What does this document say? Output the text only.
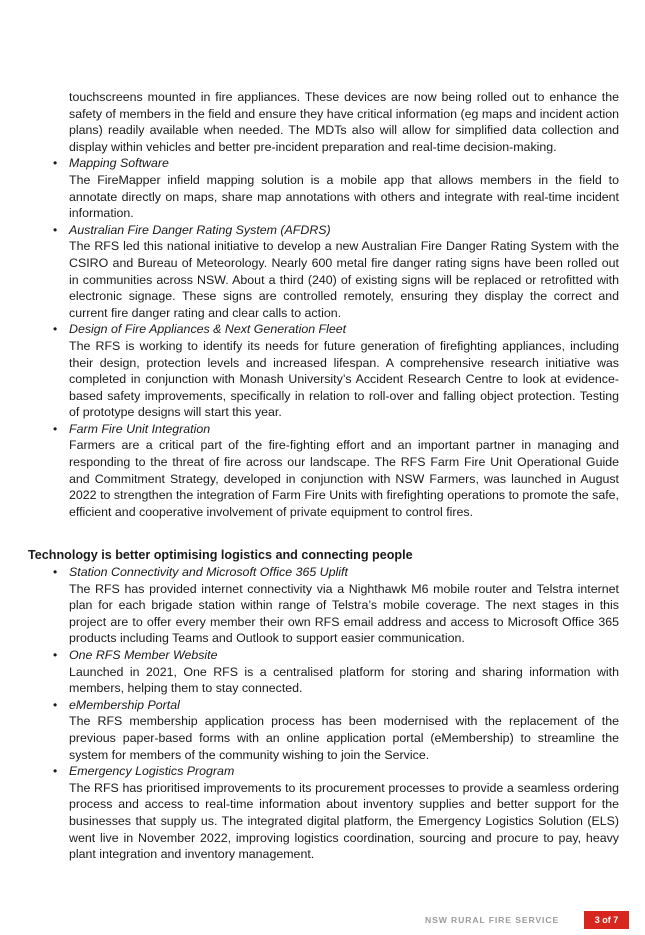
touchscreens mounted in fire appliances. These devices are now being rolled out to enhance the safety of members in the field and ensure they have critical information (eg maps and incident action plans) readily available when needed. The MDTs also will allow for simplified data collection and display within vehicles and better pre-incident preparation and real-time decision-making.

• Mapping Software

The FireMapper infield mapping solution is a mobile app that allows members in the field to annotate directly on maps, share map annotations with others and integrate with real-time incident information.

• Australian Fire Danger Rating System (AFDRS)

The RFS led this national initiative to develop a new Australian Fire Danger Rating System with the CSIRO and Bureau of Meteorology. Nearly 600 metal fire danger rating signs have been rolled out in communities across NSW. About a third (240) of existing signs will be replaced or retrofitted with electronic signage. These signs are controlled remotely, ensuring they display the correct and current fire danger rating and clear calls to action.

• Design of Fire Appliances & Next Generation Fleet

The RFS is working to identify its needs for future generation of firefighting appliances, including their design, protection levels and increased lifespan. A comprehensive research initiative was completed in conjunction with Monash University’s Accident Research Centre to look at evidence-based safety improvements, specifically in relation to roll-over and falling object protection. Testing of prototype designs will start this year.

• Farm Fire Unit Integration

Farmers are a critical part of the fire-fighting effort and an important partner in managing and responding to the threat of fire across our landscape. The RFS Farm Fire Unit Operational Guide and Commitment Strategy, developed in conjunction with NSW Farmers, was launched in August 2022 to strengthen the integration of Farm Fire Units with firefighting operations to promote the safe, efficient and cooperative involvement of private equipment to control fires.

Technology is better optimising logistics and connecting people
• Station Connectivity and Microsoft Office 365 Uplift

The RFS has provided internet connectivity via a Nighthawk M6 mobile router and Telstra internet plan for each brigade station within range of Telstra’s mobile coverage. The next stages in this project are to offer every member their own RFS email address and access to Microsoft Office 365 products including Teams and Outlook to support easier communication.

• One RFS Member Website

Launched in 2021, One RFS is a centralised platform for storing and sharing information with members, helping them to stay connected.

• eMembership Portal

The RFS membership application process has been modernised with the replacement of the previous paper-based forms with an online application portal (eMembership) to streamline the system for members of the community wishing to join the Service.

• Emergency Logistics Program

The RFS has prioritised improvements to its procurement processes to provide a seamless ordering process and access to real-time information about inventory supplies and better support for the businesses that supply us. The integrated digital platform, the Emergency Logistics Solution (ELS) went live in November 2022, improving logistics coordination, sourcing and procure to pay, heavy plant integration and inventory management.

NSW RURAL FIRE SERVICE	3 of 7
